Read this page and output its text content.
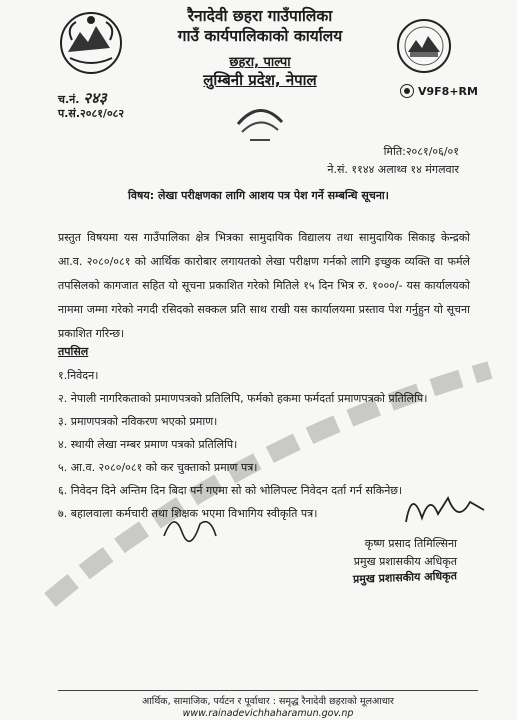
रैनादेवी छहरा गाउँपालिका
गाउँ कार्यपालिकाको कार्यालय
छहरा, पाल्पा
लुम्बिनी प्रदेश, नेपाल
च.नं. २४३
प.सं.२०८१/०८२
V9F8+RM
मिति:२०८१/०६/०१
ने.सं. ११४४ अलाथ्व १४ मंगलवार
विषय: लेखा परीक्षणका लागि आशय पत्र पेश गर्ने सम्बन्धि सूचना।
प्रस्तुत विषयमा यस गाउँपालिका क्षेत्र भित्रका सामुदायिक विद्यालय तथा सामुदायिक सिकाइ केन्द्रको आ.व. २०८०/०८१ को आर्थिक कारोबार लगायतको लेखा परीक्षण गर्नको लागि इच्छुक व्यक्ति वा फर्मले तपसिलको कागजात सहित यो सूचना प्रकाशित गरेको मितिले १५ दिन भित्र रु. १०००/- यस कार्यालयको नाममा जम्मा गरेको नगदी रसिदको सक्कल प्रति साथ राखी यस कार्यालयमा प्रस्ताव पेश गर्नुहुन यो सूचना प्रकाशित गरिन्छ।
तपसिल
१.निवेदन।
२. नेपाली नागरिकताको प्रमाणपत्रको प्रतिलिपि, फर्मको हकमा फर्मदर्ता प्रमाणपत्रको प्रतिलिपि।
३. प्रमाणपत्रको नविकरण भएको प्रमाण।
४. स्थायी लेखा नम्बर प्रमाण पत्रको प्रतिलिपि।
५. आ.व. २०८०/०८१ को कर चुक्ताको प्रमाण पत्र।
६. निवेदन दिने अन्तिम दिन बिदा पर्न गएमा सो को भोलिपल्ट निवेदन दर्ता गर्न सकिनेछ।
७. बहालवाला कर्मचारी तथा शिक्षक भएमा विभागिय स्वीकृति पत्र।
कृष्ण प्रसाद तिमिल्सिना
प्रमुख प्रशासकीय अधिकृत
प्रमुख प्रशासकीय अधिकृत
आर्थिक, सामाजिक, पर्यटन र पूर्वाधार : समृद्ध रैनादेवी छहराको मूलआधार
www.rainadevichhaharamun.gov.np
